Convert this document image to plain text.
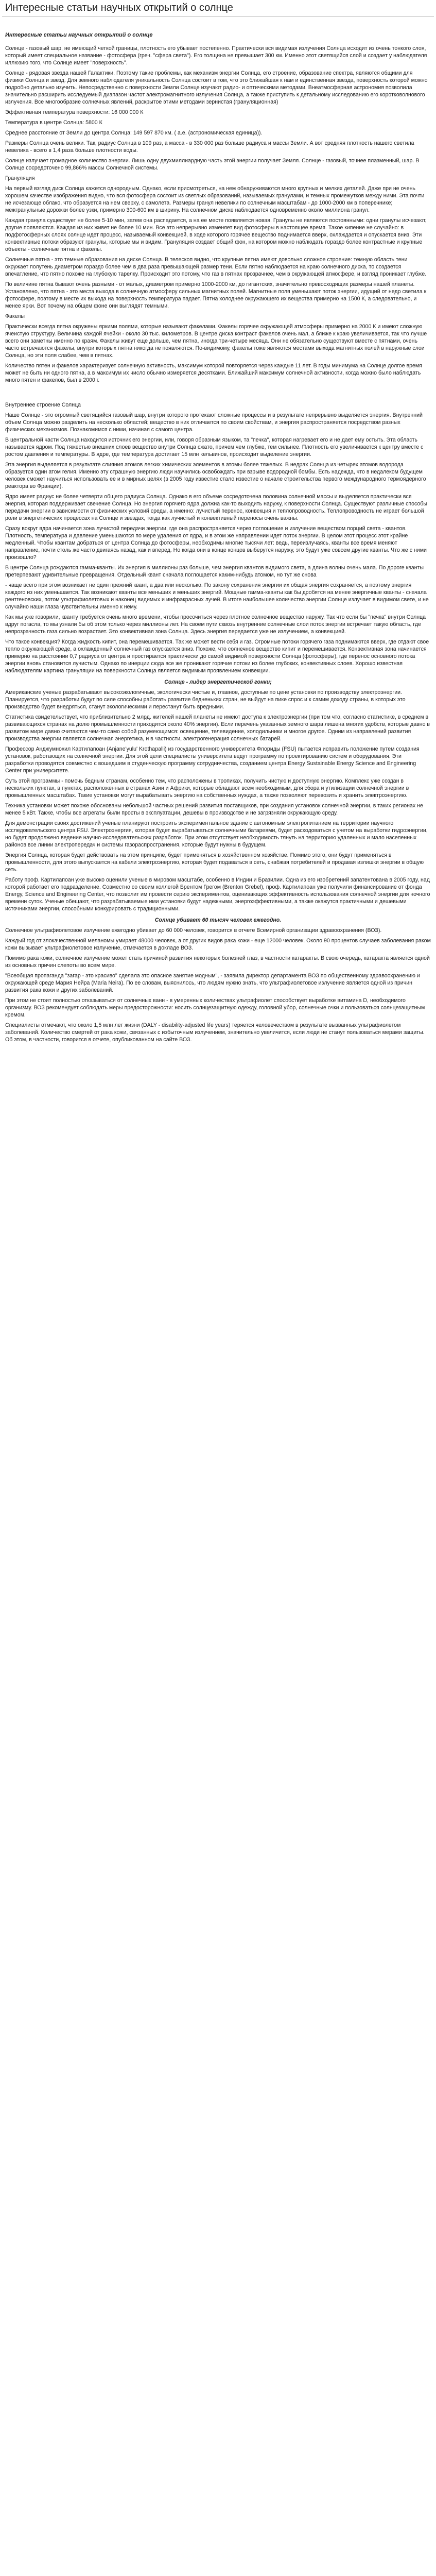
Интересные статьи научных открытий о солнце
Интересные статьи научных открытий о солнце

Солнце - газовый шар, не имеющий четкой границы, плотность его убывает постепенно. Практически вся видимая излучения Солнца исходит из очень тонкого слоя, который имеет специальное название - фотосфера (греч. "сфера света"). Его толщина не превышает 300 км. Именно этот светящийся слой и создает у наблюдателя иллюзию того, что Солнце имеет "поверхность".

Солнце - рядовая звезда нашей Галактики. Поэтому такие проблемы, как механизм энергии Солнца, его строение, образование спектра, являются общими для физики Солнца и звезд. Для земного наблюдателя уникальность Солнца состоит в том, что это ближайшая к нам и единственная звезда, поверхность которой можно подробно детально изучить. Непосредственно с поверхности Земли Солнце изучают радио- и оптическими методами. Внеатмосферная астрономия позволила значительно расширить исследуемый диапазон частот электромагнитного излучения Солнца, а также приступить к детальному исследованию его коротковолнового излучения. Все многообразие солнечных явлений, раскрытое этими методами зернистая (грануляционная)

Эффективная температура поверхности: 16 000 000 К

Температура в центре Солнца: 5800 К

Среднее расстояние от Земли до центра Солнца: 149 597 870 км. ( а.е. (астрономическая единица)).

Размеры Солнца очень велики. Так, радиус Солнца в 109 раз, а масса - в 330 000 раз больше радиуса и массы Земли. А вот средняя плотность нашего светила невелика - всего в 1,4 раза больше плотности воды.

Солнце излучает громадное количество энергии. Лишь одну двухмиллиардную часть этой энергии получает Земля. Солнце - газовый, точнее плазменный, шар. В Солнце сосредоточено 99,866% массы Солнечной системы.

Грануляция

На первый взгляд диск Солнца кажется однородным. Однако, если присмотреться, на нем обнаруживаются много крупных и мелких деталей. Даже при не очень хорошем качестве изображения видно, что вся фотосфера состоит из светлых образований, называемых гранулами, и темных промежутков между ними. Эта почти не исчезающе облако, что образуется на нем сверху, с самолета. Размеры гранул невелики по солнечным масштабам - до 1000-2000 км в поперечнике; межгранульные дорожки более узки, примерно 300-600 км в ширину. На солнечном диске наблюдается одновременно около миллиона гранул.

Каждая гранула существует не более 5-10 мин, затем она распадается, а на ее месте появляется новая. Гранулы не являются постоянными: одни гранулы исчезают, другие появляются. Каждая из них живет не более 10 мин. Все это непрерывно изменяет вид фотосферы в настоящее время. Такое кипение не случайно: в подфотосферных слоях солнце идет процесс, называемый конвекцией, в ходе которого горячее вещество поднимается вверх, охлаждается и опускается вниз. Эти конвективные потоки образуют гранулы, которые мы и видим. Грануляция создает общий фон, на котором можно наблюдать гораздо более контрастные и крупные объекты - солнечные пятна и факелы.

Солнечные пятна - это темные образования на диске Солнца. В телескоп видно, что крупные пятна имеют довольно сложное строение: темную область тени окружает полутень диаметром гораздо более чем в два раза превышающей размер тени. Если пятно наблюдается на краю солнечного диска, то создается впечатление, что пятно похоже на глубокую тарелку. Происходит это потому, что газ в пятнах прозрачнее, чем в окружающей атмосфере, и взгляд проникает глубже.

По величине пятна бывают очень разными - от малых, диаметром примерно 1000-2000 км, до гигантских, значительно превосходящих размеры нашей планеты. Установлено, что пятна - это места выхода в солнечную атмосферу сильных магнитных полей. Магнитные поля уменьшают поток энергии, идущий от недр светила к фотосфере, поэтому в месте их выхода на поверхность температура падает. Пятна холоднее окружающего их вещества примерно на 1500 К, а следовательно, и менее ярки. Вот почему на общем фоне они выглядят темными.

Факелы

Практически всегда пятна окружены яркими полями, которые называют факелами. Факелы горячее окружающей атмосферы примерно на 2000 К и имеют сложную ячеистую структуру. Величина каждой ячейки - около 30 тыс. километров. В центре диска контраст факелов очень мал, а ближе к краю увеличивается, так что лучше всего они заметны именно по краям. Факелы живут еще дольше, чем пятна, иногда три-четыре месяца. Они не обязательно существуют вместе с пятнами, очень часто встречаются факелы, внутри которых пятна никогда не появляются. По-видимому, факелы тоже являются местами выхода магнитных полей в наружные слои Солнца, но эти поля слабее, чем в пятнах.

Количество пятен и факелов характеризует солнечную активность, максимум которой повторяется через каждые 11 лет. В годы минимума на Солнце долгое время может не быть ни одного пятна, а в максимум их число обычно измеряется десятками. Ближайший максимум солнечной активности, когда можно было наблюдать много пятен и факелов, был в 2000 г.

Внутреннее строение Солнца

Наше Солнце - это огромный светящийся газовый шар, внутри которого протекают сложные процессы и в результате непрерывно выделяется энергия. Внутренний объем Солнца можно разделить на несколько областей; вещество в них отличается по своим свойствам, и энергия распространяется посредством разных физических механизмов. Познакомимся с ними, начиная с самого центра.

В центральной части Солнца находится источник его энергии, или, говоря образным языком, та "печка", которая нагревает его и не дает ему остыть. Эта область называется ядром. Под тяжестью внешних слоев вещество внутри Солнца сжато, причем чем глубже, тем сильнее. Плотность его увеличивается к центру вместе с ростом давления и температуры. В ядре, где температура достигает 15 млн кельвинов, происходит выделение энергии.

Эта энергия выделяется в результате слияния атомов легких химических элементов в атомы более тяжелых. В недрах Солнца из четырех атомов водорода образуется один атом гелия. Именно эту страшную энергию люди научились освобождать при взрыве водородной бомбы. Есть надежда, что в недалеком будущем человек сможет научиться использовать ее и в мирных целях (в 2005 году известие стало известие о начале строительства первого международного термоядерного реактора во Франции).

Ядро имеет радиус не более четверти общего радиуса Солнца. Однако в его объеме сосредоточена половина солнечной массы и выделяется практически вся энергия, которая поддерживает свечение Солнца. Но энергия горячего ядра должна как-то выходить наружу, к поверхности Солнца. Существуют различные способы передачи энергии в зависимости от физических условий среды, а именно: лучистый перенос, конвекция и теплопроводность. Теплопроводность не играет большой роли в энергетических процессах на Солнце и звездах, тогда как лучистый и конвективный переносы очень важны.

Сразу вокруг ядра начинается зона лучистой передачи энергии, где она распространяется через поглощение и излучение веществом порций света - квантов. Плотность, температура и давление уменьшаются по мере удаления от ядра, и в этом же направлении идет поток энергии. В целом этот процесс этот крайне медленный. Чтобы квантам добраться от центра Солнца до фотосферы, необходимы многие тысячи лет: ведь, переизлучаясь, кванты все время меняют направление, почти столь же часто двигаясь назад, как и вперед. Но когда они в конце концов выберутся наружу, это будут уже совсем другие кванты. Что же с ними произошло?

В центре Солнца рождаются гамма-кванты. Их энергия в миллионы раз больше, чем энергия квантов видимого света, а длина волны очень мала. По дороге кванты претерпевают удивительные превращения. Отдельный квант сначала поглощается каким-нибудь атомом, но тут же снова

- чаще всего при этом возникает не один прежний квант, а два или несколько. По закону сохранения энергии их общая энергия сохраняется, а поэтому энергия каждого из них уменьшается. Так возникают кванты все меньших и меньших энергий. Мощные гамма-кванты как бы дробятся на менее энергичные кванты - сначала рентгеновских, потом ультрафиолетовых и наконец видимых и инфракрасных лучей. В итоге наибольшее количество энергии Солнце излучает в видимом свете, и не случайно наши глаза чувствительны именно к нему.

Как мы уже говорили, кванту требуется очень много времени, чтобы просочиться через плотное солнечное вещество наружу. Так что если бы "печка" внутри Солнца вдруг погасла, то мы узнали бы об этом только через миллионы лет. На своем пути сквозь внутренние солнечные слои поток энергии встречает такую область, где непрозрачность газа сильно возрастает. Это конвективная зона Солнца. Здесь энергия передается уже не излучением, а конвекцией.

Что такое конвекция? Когда жидкость кипит, она перемешивается. Так же может вести себя и газ. Огромные потоки горячего газа поднимаются вверх, где отдают свое тепло окружающей среде, а охлажденный солнечный газ опускается вниз. Похоже, что солнечное вещество кипит и перемешивается. Конвективная зона начинается примерно на расстоянии 0,7 радиуса от центра и простирается практически до самой видимой поверхности Солнца (фотосферы), где перенос основного потока энергии вновь становится лучистым. Однако по инерции сюда все же проникают горячие потоки из более глубоких, конвективных слоев. Хорошо известная наблюдателям картина грануляции на поверхности Солнца является видимым проявлением конвекции.

Солнце - лидер энергетической гонки;

Американские ученые разрабатывают высокоэкологичные, экологически чистые и, главное, доступные по цене установки по производству электроэнергии. Планируется, что разработки будут по силе способны работать развитие бедненьких стран, не выйдут на пике спрос и к самим доходу страны, в которых это производство будет внедряться, станут экологическими и перестанут быть вредными.

Статистика свидетельствует, что приблизительно 2 млрд. жителей нашей планеты не имеют доступа к электроэнергии (при том что, согласно статистике, в среднем в развивающихся странах на долю промышленности приходится около 40% энергии). Если перечень указанных земного шара лишена многих удобств, которые давно в развитом мире давно считаются чем-то само собой разумеющимся: освещение, телевидение, холодильники и многое другое. Одним из направлений развития производства энергии является солнечная энергетика, и в частности, электрогенерация солнечных батарей.

Профессор Анджумнохил Картилапоан (Anjane'yulu' Krothapalli) из государственного университета Флориды (FSU) пытается исправить положение путем создания установок, работающих на солнечной энергии. Для этой цели специалисты университета ведут программу по проектированию систем и оборудования. Эти разработки проводятся совместно с вошедшим в студенческую программу сотрудничества, созданием центра Energy Sustainable Energy Science and Engineering Center при университете.

Суть этой программы - помочь бедным странам, особенно тем, что расположены в тропиках, получить чистую и доступную энергию. Комплекс уже создан в нескольких пунктах, в пунктах, расположенных в странах Азии и Африки, которые обладают всем необходимым, для сбора и утилизации солнечной энергии в промышленных масштабах. Такие установки могут вырабатывать энергию на собственных нуждах, а также позволяют перевозить и хранить электроэнергию.

Техника установки может похоже обоснованы небольшой частных решений развития поставщиков, при создания установок солнечной энергии, в таких регионах не менее 5 кВт. Также, чтобы все агрегаты были просты в эксплуатации, дешевы в производстве и не загрязняли окружающую среду.

Для демонстрации своих достижений ученые планируют построить экспериментальное здание с автономным электропитанием на территории научного исследовательского центра FSU. Электроэнергия, которая будет вырабатываться солнечными батареями, будет расходоваться с учетом на выработки гидроэнергии, но будет продолжено ведение научно-исследовательских разработок. При этом отсутствует необходимость тянуть на территорию удаленных и мало населенных районов все линии электропередач и системы газораспространения, которые будут нужны в будущем.

Энергия Солнца, которая будет действовать на этом принципе, будет применяться в хозяйственном хозяйстве. Помимо этого, они будут применяться в промышленности, для этого выпускается на кабели электроэнергию, которая будет подаваться в сеть, снабжая потребителей и продавая излишки энергии в общую сеть.

Работу проф. Картилапоан уже высоко оценили ученые в мировом масштабе, особенно в Индии и Бразилии. Одна из его изобретений запатентована в 2005 году, над которой работает его подразделение. Совместно со своим коллегой Брентом Грегом (Brenton Grebel), проф. Картилапоан уже получили финансирование от фонда Energy, Science and Engineering Center, что позволит им провести серию экспериментов, оценивающих эффективность использования солнечной энергии для ночного времени суток. Ученые обещают, что разрабатываемые ими установки будут надежными, энергоэффективными, а также окажутся практичными и дешевыми источниками энергии, способными конкурировать с традиционными.

Солнце убивает 60 тысяч человек ежегодно.

Солнечное ультрафиолетовое излучение ежегодно убивает до 60 000 человек, говорится в отчете Всемирной организации здравоохранения (ВОЗ).

Каждый год от злокачественной меланомы умирает 48000 человек, а от других видов рака кожи - еще 12000 человек. Около 90 процентов случаев заболевания раком кожи вызывает ультрафиолетовое излучение, отмечается в докладе ВОЗ.

Помимо рака кожи, солнечное излучение может стать причиной развития некоторых болезней глаз, в частности катаракты. В свою очередь, катаракта является одной из основных причин слепоты во всем мире.

"Всеобщая пропаганда "загар - это красиво" сделала это опасное занятие модным", - заявила директор департамента ВОЗ по общественному здравоохранению и окружающей среде Мария Нейра (Maria Neira). По ее словам, выяснилось, что людям нужно знать, что ультрафиолетовое излучение является одной из причин развития рака кожи и других заболеваний.

При этом не стоит полностью отказываться от солнечных ванн - в умеренных количествах ультрафиолет способствует выработке витамина D, необходимого организму. ВОЗ рекомендует соблюдать меры предосторожности: носить солнцезащитную одежду, головной убор, солнечные очки и пользоваться солнцезащитным кремом.

Специалисты отмечают, что около 1,5 млн лет жизни (DALY - disability-adjusted life years) теряется человечеством в результате вызванных ультрафиолетом заболеваний. Количество смертей от рака кожи, связанных с избыточным излучением, значительно увеличится, если люди не станут пользоваться мерами защиты. Об этом, в частности, говорится в отчете, опубликованном на сайте ВОЗ.
